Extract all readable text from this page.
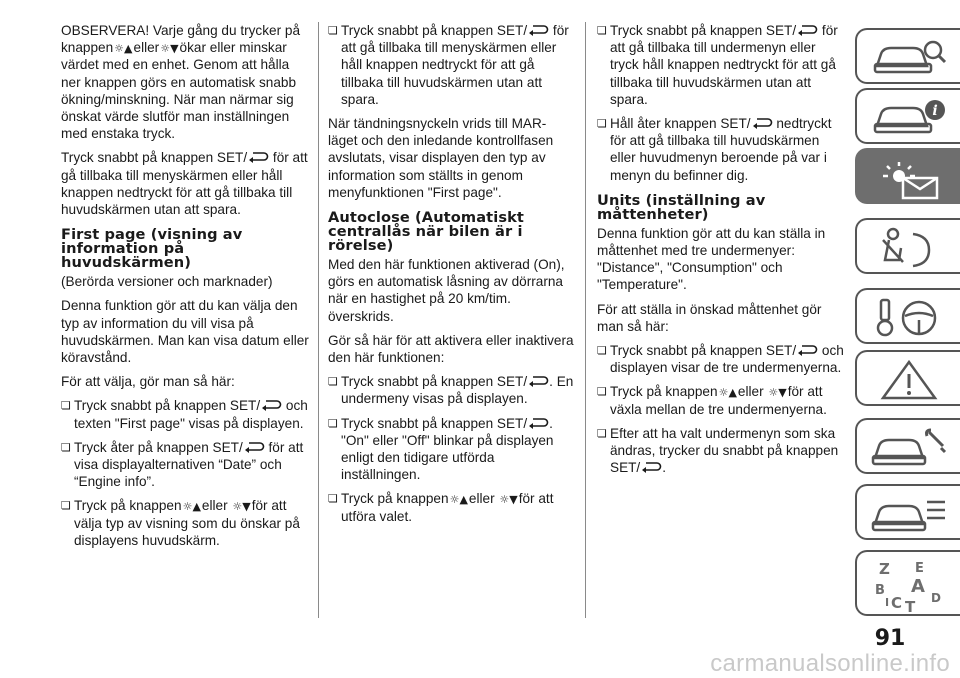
OBSERVERA! Varje gång du trycker på knappen☼▲eller☼▼ökar eller minskar värdet med en enhet. Genom att hålla ner knappen görs en automatisk snabb ökning/minskning. När man närmar sig önskat värde slutför man inställningen med enstaka tryck.

Tryck snabbt på knappen SET/ för att gå tillbaka till menyskärmen eller håll knappen nedtryckt för att gå tillbaka till huvudskärmen utan att spara.

First page (visning av information på huvudskärmen)

(Berörda versioner och marknader)

Denna funktion gör att du kan välja den typ av information du vill visa på huvudskärmen. Man kan visa datum eller köravstånd.

För att välja, gör man så här:

❏ Tryck snabbt på knappen SET/ och texten "First page" visas på displayen.
❏ Tryck åter på knappen SET/ för att visa displayalternativen “Date” och “Engine info”.
❏ Tryck på knappen☼▲eller ☼▼för att välja typ av visning som du önskar på displayens huvudskärm.
❏ Tryck snabbt på knappen SET/ för att gå tillbaka till menyskärmen eller håll knappen nedtryckt för att gå tillbaka till huvudskärmen utan att spara.

När tändningsnyckeln vrids till MAR-läget och den inledande kontrollfasen avslutats, visar displayen den typ av information som ställts in genom menyfunktionen "First page".

Autoclose (Automatiskt centrallås när bilen är i rörelse)

Med den här funktionen aktiverad (On), görs en automatisk låsning av dörrarna när en hastighet på 20 km/tim. överskrids.

Gör så här för att aktivera eller inaktivera den här funktionen:

❏ Tryck snabbt på knappen SET/ . En undermeny visas på displayen.
❏ Tryck snabbt på knappen SET/ . "On" eller "Off" blinkar på displayen enligt den tidigare utförda inställningen.
❏ Tryck på knappen☼▲eller ☼▼för att utföra valet.
❏ Tryck snabbt på knappen SET/ för att gå tillbaka till undermenyn eller tryck håll knappen nedtryckt för att gå tillbaka till huvudskärmen utan att spara.
❏ Håll åter knappen SET/ nedtryckt för att gå tillbaka till huvudskärmen eller huvudmenyn beroende på var i menyn du befinner dig.
Units (inställning av måttenheter)

Denna funktion gör att du kan ställa in måttenhet med tre undermenyer: "Distance", "Consumption" och "Temperature".

För att ställa in önskad måttenhet gör man så här:

❏ Tryck snabbt på knappen SET/ och displayen visar de tre undermenyerna.
❏ Tryck på knappen☼▲eller ☼▼för att växla mellan de tre undermenyerna.
❏ Efter att ha valt undermenyn som ska ändras, trycker du snabbt på knappen SET/ .
i
Z E
B A
D
C T
I
91
carmanualsonline.info
